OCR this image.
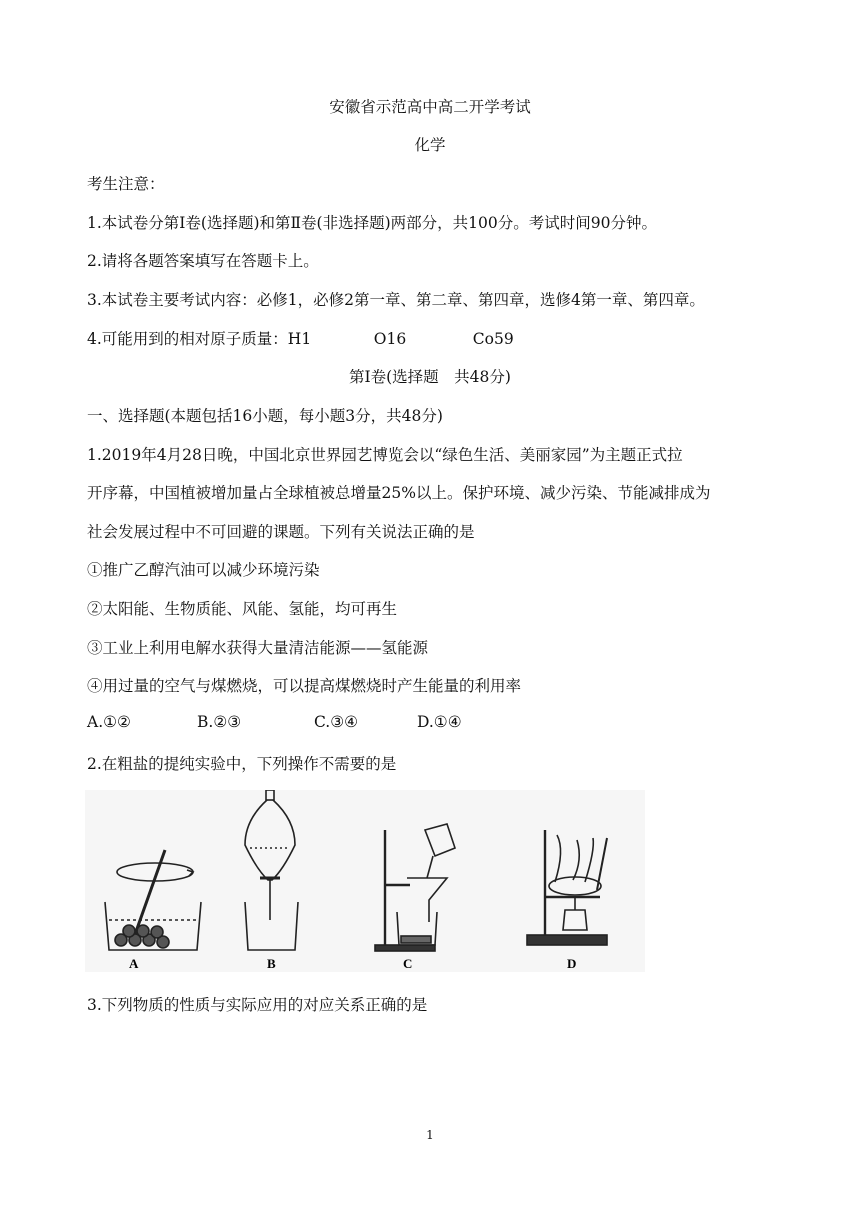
安徽省示范高中高二开学考试
化学
考生注意：
1.本试卷分第Ⅰ卷(选择题)和第Ⅱ卷(非选择题)两部分，共100分。考试时间90分钟。
2.请将各题答案填写在答题卡上。
3.本试卷主要考试内容：必修1，必修2第一章、第二章、第四章，选修4第一章、第四章。
4.可能用到的相对原子质量：H1	O16	Co59
第Ⅰ卷(选择题　共48分)
一、选择题(本题包括16小题，每小题3分，共48分)
1.2019年4月28日晚，中国北京世界园艺博览会以“绿色生活、美丽家园”为主题正式拉
开序幕，中国植被增加量占全球植被总增量25%以上。保护环境、减少污染、节能减排成为
社会发展过程中不可回避的课题。下列有关说法正确的是
①推广乙醇汽油可以减少环境污染
②太阳能、生物质能、风能、氢能，均可再生
③工业上利用电解水获得大量清洁能源——氢能源
④用过量的空气与煤燃烧，可以提高煤燃烧时产生能量的利用率
A.①②	B.②③	C.③④	D.①④
2.在粗盐的提纯实验中，下列操作不需要的是
A	B	C	D
3.下列物质的性质与实际应用的对应关系正确的是
1
